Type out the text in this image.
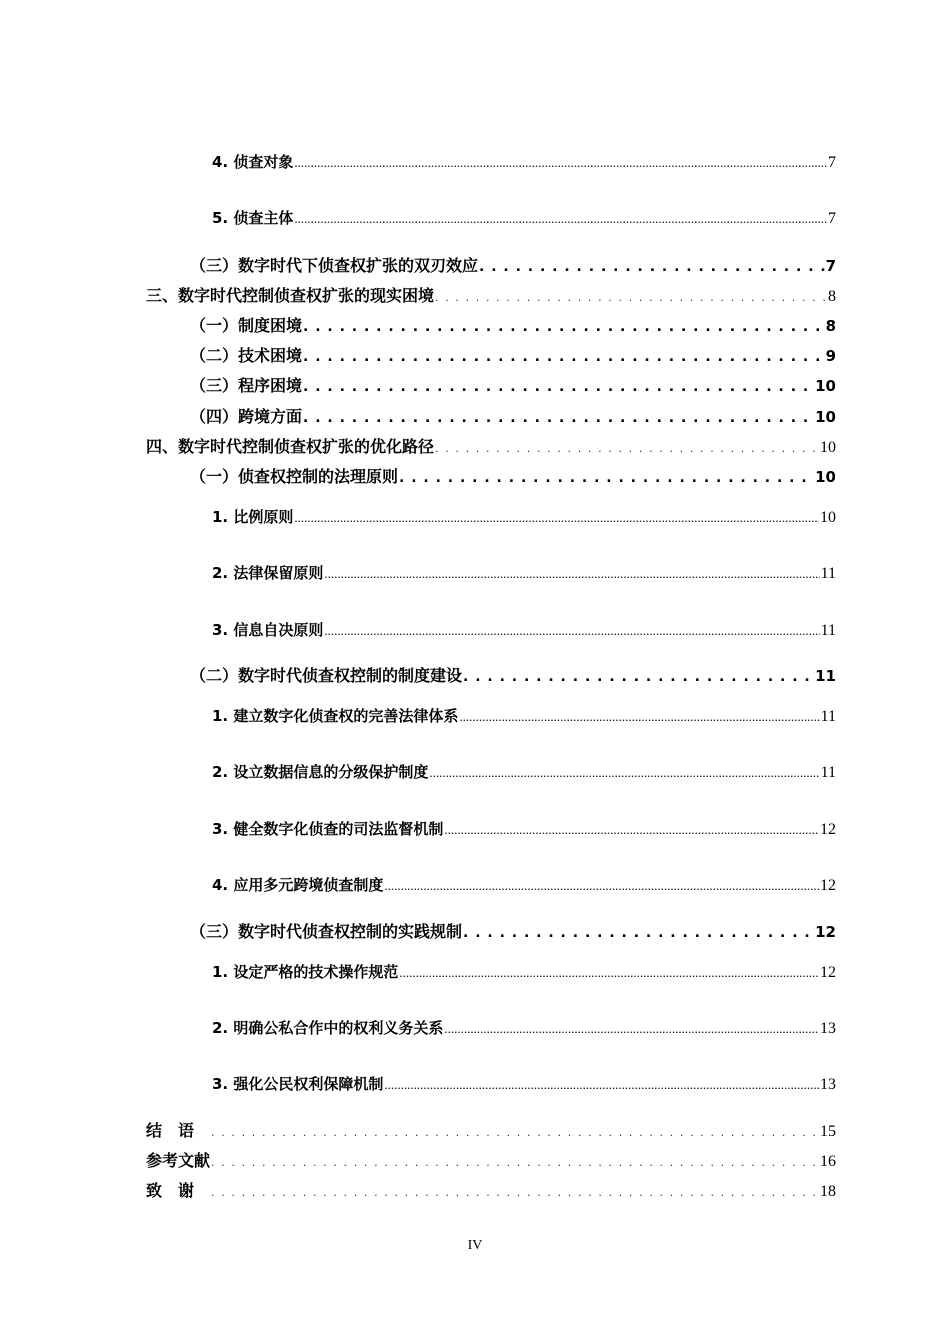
4. 侦查对象 .....	7
5. 侦查主体 .....	7
（三）数字时代下侦查权扩张的双刃效应 . . .	7
三、数字时代控制侦查权扩张的现实困境 . . .	8
（一）制度困境 . . .	8
（二）技术困境 . . .	9
（三）程序困境 . . .	10
（四）跨境方面 . . .	10
四、数字时代控制侦查权扩张的优化路径 . . .	10
（一）侦查权控制的法理原则 . . .	10
1. 比例原则 .....	10
2. 法律保留原则 .....	11
3. 信息自决原则 .....	11
（二）数字时代侦查权控制的制度建设 . . .	11
1. 建立数字化侦查权的完善法律体系 .....	11
2. 设立数据信息的分级保护制度 .....	11
3. 健全数字化侦查的司法监督机制 .....	12
4. 应用多元跨境侦查制度 .....	12
（三）数字时代侦查权控制的实践规制 . . .	12
1. 设定严格的技术操作规范 .....	12
2. 明确公私合作中的权利义务关系 .....	13
3. 强化公民权利保障机制 .....	13
结语 . . .	15
参考文献 . . .	16
致谢 . . .	18
IV
